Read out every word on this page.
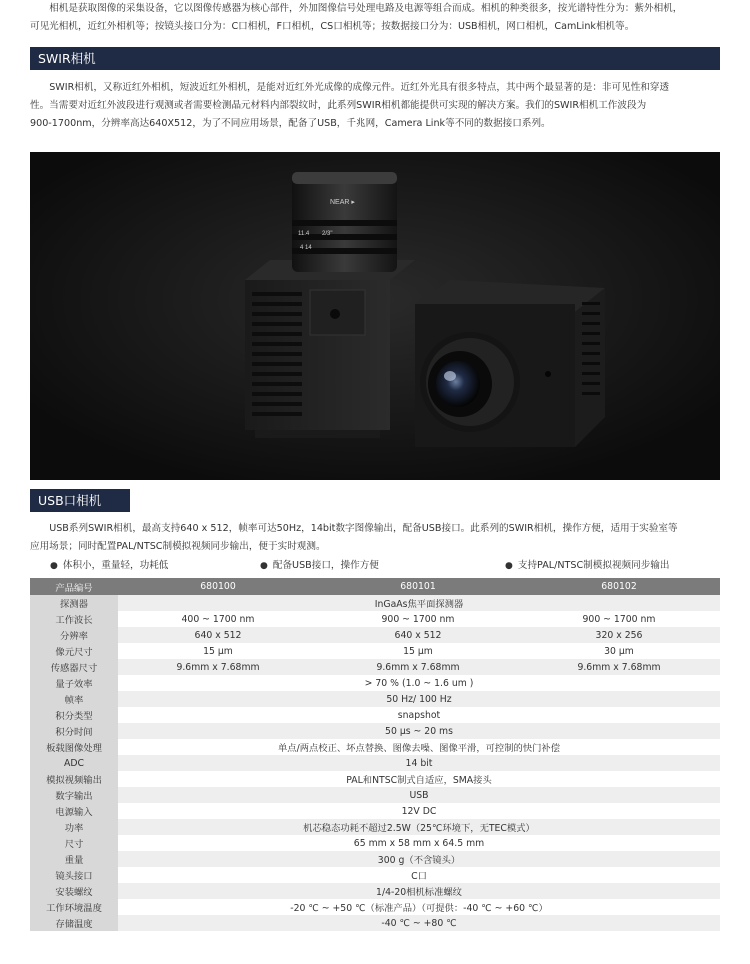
相机是获取图像的采集设备，它以图像传感器为核心部件，外加图像信号处理电路及电源等组合而成。相机的种类很多，按光谱特性分为：紫外相机，

可见光相机，近红外相机等；按镜头接口分为：C口相机，F口相机，CS口相机等；按数据接口分为：USB相机，网口相机，CamLink相机等。

SWIR相机

SWIR相机，又称近红外相机，短波近红外相机，是能对近红外光成像的成像元件。近红外光具有很多特点，其中两个最显著的是：非可见性和穿透

性。当需要对近红外波段进行观测或者需要检测晶元材料内部裂纹时，此系列SWIR相机都能提供可实现的解决方案。我们的SWIR相机工作波段为

900-1700nm，分辨率高达640X512，为了不同应用场景，配备了USB，千兆网，Camera Link等不同的数据接口系列。

NEAR ▸
11.4 2/3"
4 14
USB口相机

USB系列SWIR相机，最高支持640 x 512，帧率可达50Hz，14bit数字图像输出，配备USB接口。此系列的SWIR相机，操作方便，适用于实验室等

应用场景；同时配置PAL/NTSC制模拟视频同步输出，便于实时观测。

● 体积小，重量轻，功耗低	● 配备USB接口，操作方便	● 支持PAL/NTSC制模拟视频同步输出
产品编号	680100	680101	680102
探测器	InGaAs焦平面探测器		
工作波长	400 ~ 1700 nm	900 ~ 1700 nm	900 ~ 1700 nm
分辨率	640 x 512	640 x 512	320 x 256
像元尺寸	15 µm	15 µm	30 µm
传感器尺寸	9.6mm x 7.68mm	9.6mm x 7.68mm	9.6mm x 7.68mm
量子效率	> 70 % (1.0 ~ 1.6 um )		
帧率	50 Hz/ 100 Hz		
积分类型	snapshot		
积分时间	50 µs ~ 20 ms		
板载图像处理	单点/两点校正、坏点替换、图像去噪、图像平滑，可控制的快门补偿		
ADC	14 bit		
模拟视频输出	PAL和NTSC制式自适应，SMA接头		
数字输出	USB		
电源输入	12V DC		
功率	机芯稳态功耗不超过2.5W（25℃环境下，无TEC模式）		
尺寸	65 mm x 58 mm x 64.5 mm		
重量	300 g（不含镜头）		
镜头接口	C口		
安装螺纹	1/4-20相机标准螺纹		
工作环境温度	-20 ℃ ~ +50 ℃（标准产品）（可提供：-40 ℃ ~ +60 ℃）		
存储温度	-40 ℃ ~ +80 ℃		
